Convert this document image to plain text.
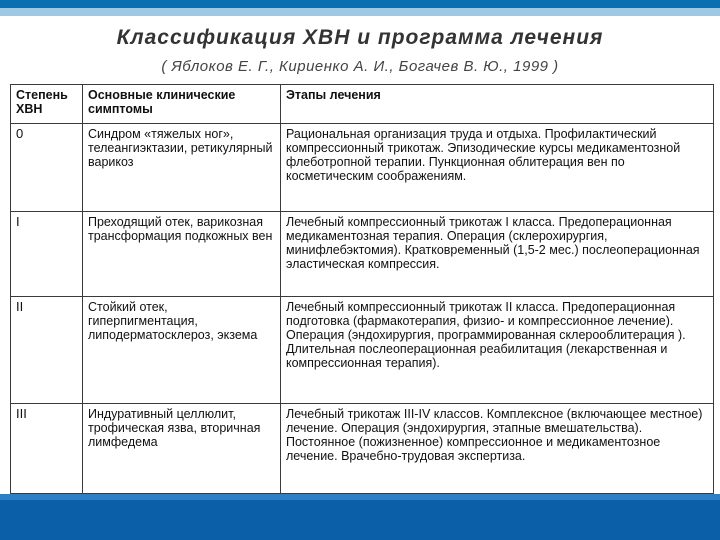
Классификация ХВН и программа лечения
( Яблоков Е. Г., Кириенко А. И., Богачев В. Ю., 1999 )
Степень ХВН	Основные клинические симптомы	Этапы лечения
0	Синдром «тяжелых ног», телеангиэктазии, ретикулярный варикоз	Рациональная организация труда и отдыха. Профилактический компрессионный трикотаж. Эпизодические курсы медикаментозной флеботропной терапии. Пункционная облитерация вен по косметическим соображениям.
I	Преходящий отек, варикозная трансформация подкожных вен	Лечебный компрессионный трикотаж I класса. Предоперационная медикаментозная терапия. Операция (склерохирургия, минифлебэктомия). Кратковременный (1,5-2 мес.) послеоперационная эластическая компрессия.
II	Стойкий отек, гиперпигментация, липодерматосклероз, экзема	Лечебный компрессионный трикотаж II класса. Предоперационная подготовка (фармакотерапия, физио- и компрессионное лечение). Операция (эндохирургия, программированная склерооблитерация ). Длительная послеоперационная реабилитация (лекарственная и компрессионная терапия).
III	Индуративный целлюлит, трофическая язва, вторичная лимфедема	Лечебный трикотаж III-IV классов. Комплексное (включающее местное) лечение. Операция (эндохирургия, этапные вмешательства). Постоянное (пожизненное) компрессионное и медикаментозное лечение. Врачебно-трудовая экспертиза.
